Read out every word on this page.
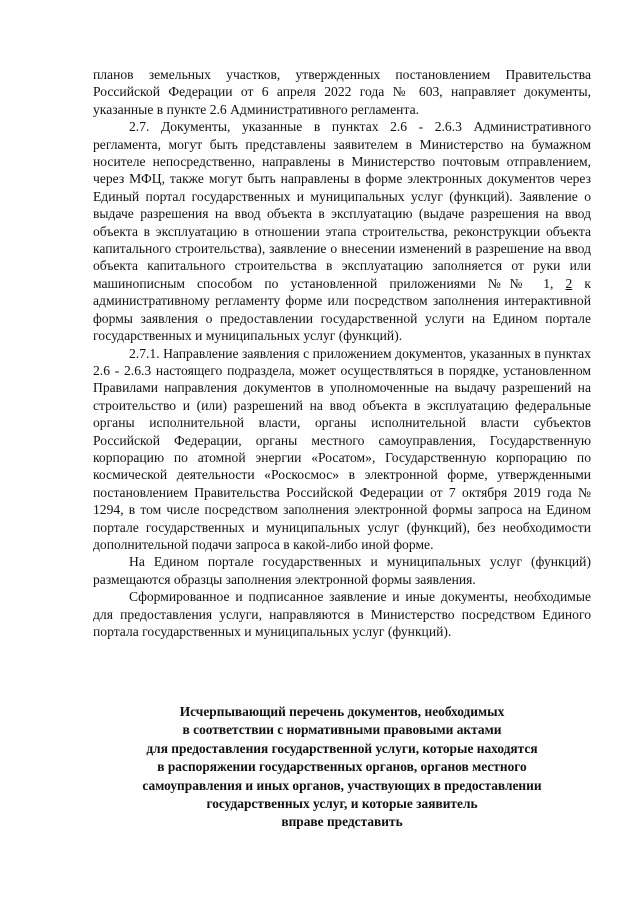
планов земельных участков, утвержденных постановлением Правительства Российской Федерации от 6 апреля 2022 года № 603, направляет документы, указанные в пункте 2.6 Административного регламента.

2.7. Документы, указанные в пунктах 2.6 - 2.6.3 Административного регламента, могут быть представлены заявителем в Министерство на бумажном носителе непосредственно, направлены в Министерство почтовым отправлением, через МФЦ, также могут быть направлены в форме электронных документов через Единый портал государственных и муниципальных услуг (функций). Заявление о выдаче разрешения на ввод объекта в эксплуатацию (выдаче разрешения на ввод объекта в эксплуатацию в отношении этапа строительства, реконструкции объекта капитального строительства), заявление о внесении изменений в разрешение на ввод объекта капитального строительства в эксплуатацию заполняется от руки или машинописным способом по установленной приложениями №№ 1, 2 к административному регламенту форме или посредством заполнения интерактивной формы заявления о предоставлении государственной услуги на Едином портале государственных и муниципальных услуг (функций).

2.7.1. Направление заявления с приложением документов, указанных в пунктах 2.6 - 2.6.3 настоящего подраздела, может осуществляться в порядке, установленном Правилами направления документов в уполномоченные на выдачу разрешений на строительство и (или) разрешений на ввод объекта в эксплуатацию федеральные органы исполнительной власти, органы исполнительной власти субъектов Российской Федерации, органы местного самоуправления, Государственную корпорацию по атомной энергии «Росатом», Государственную корпорацию по космической деятельности «Роскосмос» в электронной форме, утвержденными постановлением Правительства Российской Федерации от 7 октября 2019 года № 1294, в том числе посредством заполнения электронной формы запроса на Едином портале государственных и муниципальных услуг (функций), без необходимости дополнительной подачи запроса в какой-либо иной форме.

На Едином портале государственных и муниципальных услуг (функций) размещаются образцы заполнения электронной формы заявления.

Сформированное и подписанное заявление и иные документы, необходимые для предоставления услуги, направляются в Министерство посредством Единого портала государственных и муниципальных услуг (функций).

Исчерпывающий перечень документов, необходимых
в соответствии с нормативными правовыми актами
для предоставления государственной услуги, которые находятся
в распоряжении государственных органов, органов местного
самоуправления и иных органов, участвующих в предоставлении
государственных услуг, и которые заявитель
вправе представить
